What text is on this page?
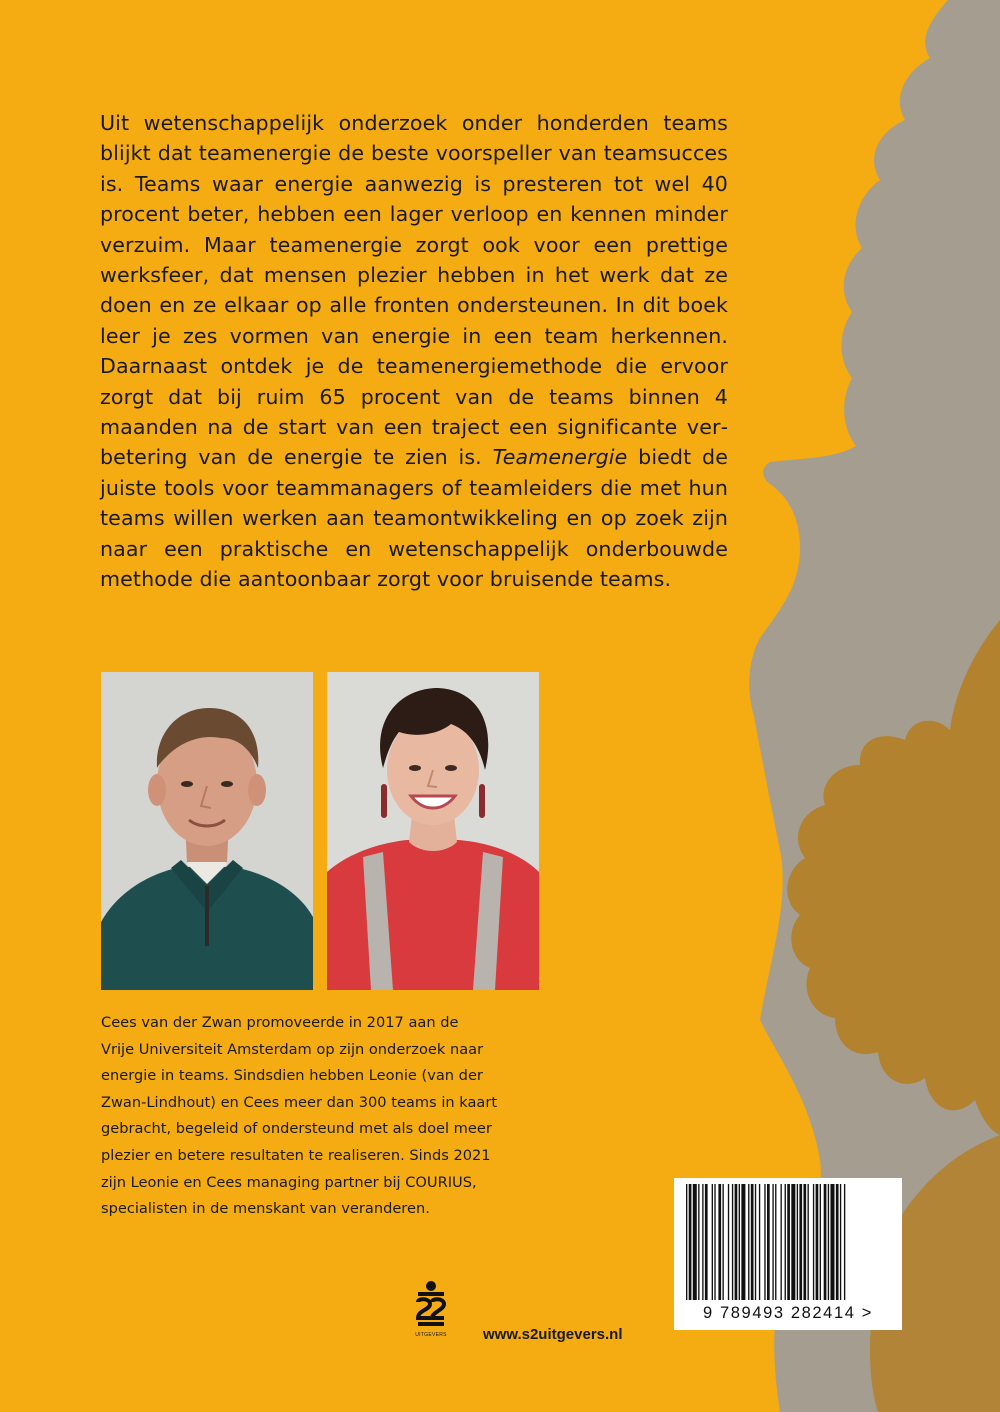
Uit wetenschappelijk onderzoek onder honderden teams blijkt dat teamenergie de beste voorspeller van teamsucces is. Teams waar energie aanwezig is presteren tot wel 40 procent beter, hebben een lager verloop en kennen minder verzuim. Maar teamenergie zorgt ook voor een prettige werksfeer, dat mensen plezier hebben in het werk dat ze doen en ze elkaar op alle fronten ondersteunen. In dit boek leer je zes vormen van energie in een team herkennen. Daarnaast ontdek je de teamenergiemethode die ervoor zorgt dat bij ruim 65 procent van de teams binnen 4 maanden na de start van een traject een significante verbetering van de energie te zien is. Teamenergie biedt de juiste tools voor teammanagers of teamleiders die met hun teams willen werken aan teamontwikkeling en op zoek zijn naar een praktische en wetenschappelijk onderbouwde methode die aantoonbaar zorgt voor bruisende teams.

Cees van der Zwan promoveerde in 2017 aan de
Vrije Universiteit Amsterdam op zijn onderzoek naar
energie in teams. Sindsdien hebben Leonie (van der
Zwan-Lindhout) en Cees meer dan 300 teams in kaart
gebracht, begeleid of ondersteund met als doel meer
plezier en betere resultaten te realiseren. Sinds 2021
zijn Leonie en Cees managing partner bij COURIUS,
specialisten in de menskant van veranderen.

UITGEVERS www.s2uitgevers.nl
9 789493 282414 >
